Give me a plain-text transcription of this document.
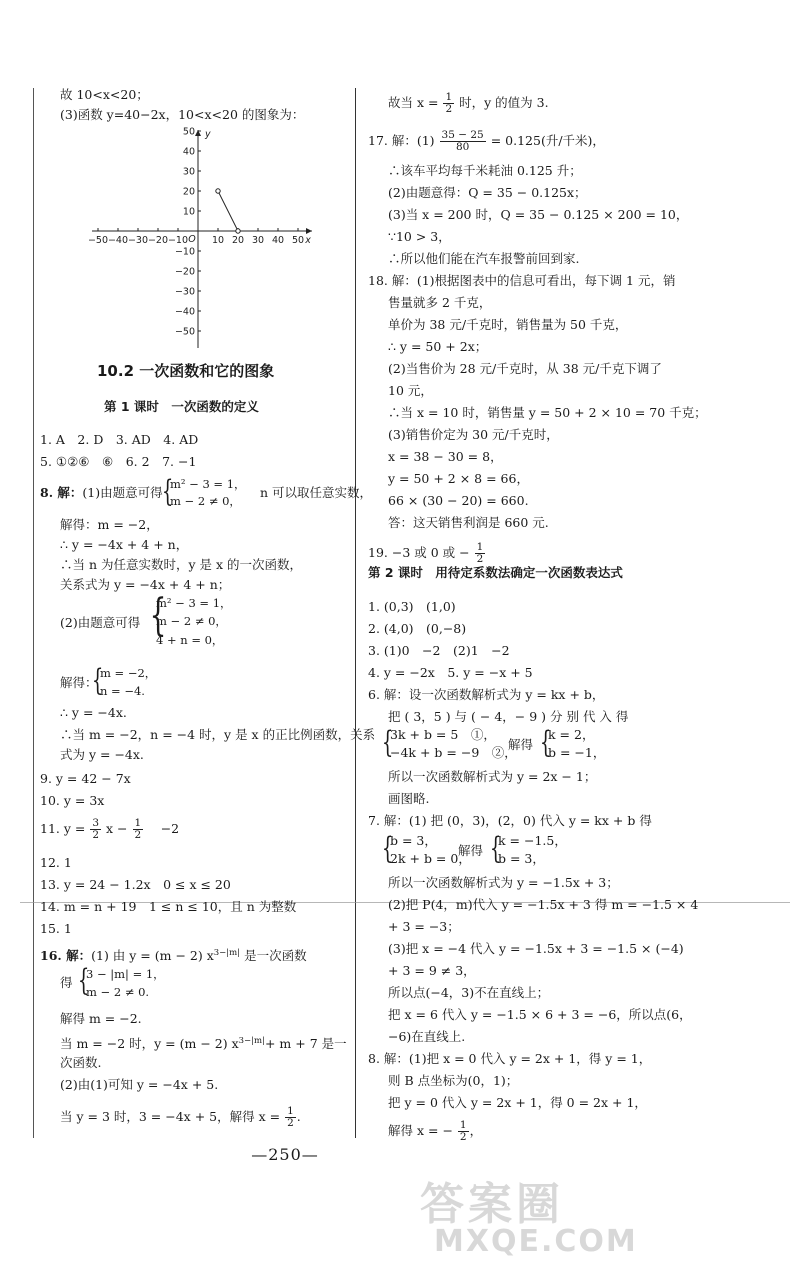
故 10<x<20；
(3)函数 y=40−2x，10<x<20 的图象为：
y
x
O
−50 −40 −30 −20 −10	10 20 30 40 50
50
40
30
20
10
−10
−20
−30
−40
−50
10.2 一次函数和它的图象
第 1 课时　一次函数的定义
1. A　2. D　3. AD　4. AD
5. ①②⑥　⑥　6. 2　7. −1
8. 解：(1)由题意可得 {
m² − 3 = 1，
m − 2 ≠ 0，
n 可以取任意实数，
解得：m = −2，
∴ y = −4x + 4 + n，
∴当 n 为任意实数时，y 是 x 的一次函数，
关系式为 y = −4x + 4 + n；
(2)由题意可得 {
m² − 3 = 1，
m − 2 ≠ 0，
4 + n = 0，
解得：
{
m = −2，
n = −4.
∴ y = −4x.
∴当 m = −2，n = −4 时，y 是 x 的正比例函数，关系
式为 y = −4x.
9. y = 42 − 7x
10. y = 3x
11. $y = \frac{3}{2}$ $x - \frac{1}{2}$ 　−2
12. 1
13. y = 24 − 1.2x　0 ≤ x ≤ 20
14. m = n + 19　1 ≤ n ≤ 10，且 n 为整数
15. 1
16. 解：(1) 由 y = (m − 2) $x^{3-|m|}$ 是一次函数
得 {
3 − |m| = 1，
m − 2 ≠ 0.
解得 m = −2.
当 m = −2 时，y = (m − 2) $x^{3-|m|}+ m + 7$ 是一
次函数.
(2)由(1)可知 y = −4x + 5.
当 y = 3 时，3 = −4x + 5，解得 $x = \frac{1}{2}$ .
故当 $x = \frac{1}{2}$ 时，y 的值为 3.
17. 解：$(1) \frac{35 - 25}{80} = 0.125$(升/千米)，
∴该车平均每千米耗油 0.125 升；
(2)由题意得：Q = 35 − 0.125x；
(3)当 x = 200 时，Q = 35 − 0.125 × 200 = 10，
∵10 > 3，
∴所以他们能在汽车报警前回到家.
18. 解：(1)根据图表中的信息可看出，每下调 1 元，销
售量就多 2 千克，
单价为 38 元/千克时，销售量为 50 千克，
∴ y = 50 + 2x；
(2)当售价为 28 元/千克时，从 38 元/千克下调了
10 元，
∴当 x = 10 时，销售量 y = 50 + 2 × 10 = 70 千克；
(3)销售价定为 30 元/千克时，
x = 38 − 30 = 8，
y = 50 + 2 × 8 = 66，
66 × (30 − 20) = 660.
答：这天销售利润是 660 元.
19. −3 或 0 或 − $\frac{1}{2}$
第 2 课时　用待定系数法确定一次函数表达式
1. (0,3)　(1,0)
2. (4,0)　(0,−8)
3. (1)0　−2　(2)1　−2
4. y = −2x　5. y = −x + 5
6. 解：设一次函数解析式为 y = kx + b，
把 ( 3，5 ) 与 ( − 4，− 9 ) 分 别 代 入 得
{
3k + b = 5　①，
−4k + b = −9　②，
解得 {
k = 2，
b = −1，
所以一次函数解析式为 y = 2x − 1；
画图略.
7. 解：(1) 把 (0，3)，(2，0) 代入 y = kx + b 得
{
b = 3，
2k + b = 0，
解得 {
k = −1.5，
b = 3，
所以一次函数解析式为 y = −1.5x + 3；
(2)把 P(4，m)代入 y = −1.5x + 3 得 m = −1.5 × 4
+ 3 = −3；
(3)把 x = −4 代入 y = −1.5x + 3 = −1.5 × (−4)
+ 3 = 9 ≠ 3，
所以点(−4，3)不在直线上；
把 x = 6 代入 y = −1.5 × 6 + 3 = −6，所以点(6，
−6)在直线上.
8. 解：(1)把 x = 0 代入 y = 2x + 1，得 y = 1，
则 B 点坐标为(0，1)；
把 y = 0 代入 y = 2x + 1，得 0 = 2x + 1，
解得 x = − $\frac{1}{2}$ ，
—250—
答案圈
MXQE.COM
